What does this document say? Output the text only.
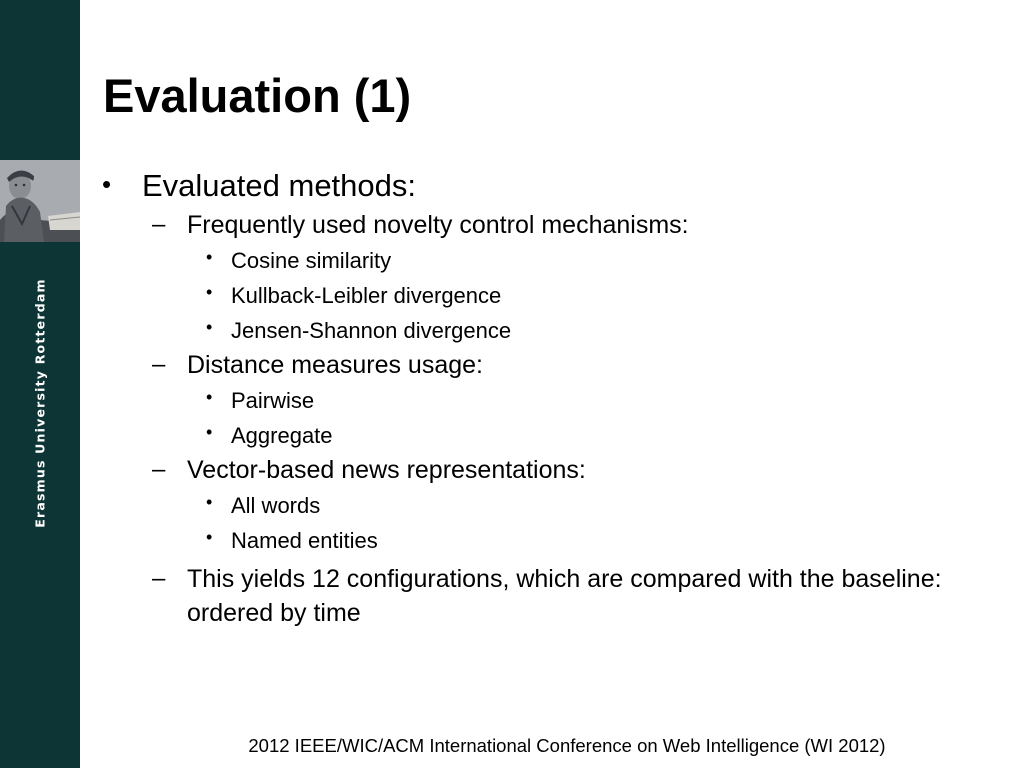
Erasmus University Rotterdam
Evaluation (1)
• Evaluated methods:
– Frequently used novelty control mechanisms:
• Cosine similarity
• Kullback-Leibler divergence
• Jensen-Shannon divergence
– Distance measures usage:
• Pairwise
• Aggregate
– Vector-based news representations:
• All words
• Named entities
– This yields 12 configurations, which are compared with the baseline: ordered by time
2012 IEEE/WIC/ACM International Conference on Web Intelligence (WI 2012)
